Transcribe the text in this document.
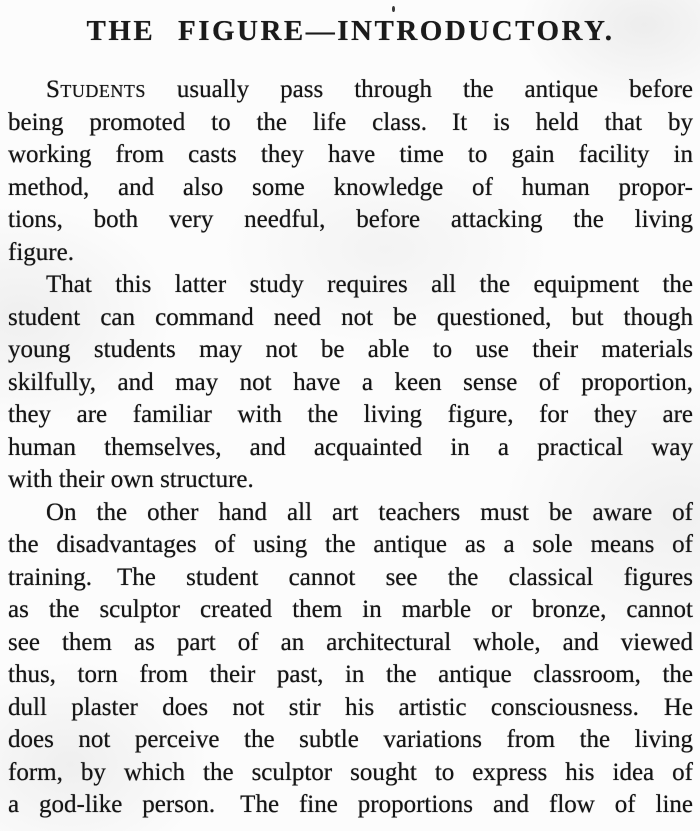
THE FIGURE—INTRODUCTORY.
Students usually pass through the antique before
being promoted to the life class. It is held that by
working from casts they have time to gain facility in
method, and also some knowledge of human propor-
tions, both very needful, before attacking the living
figure.
That this latter study requires all the equipment the
student can command need not be questioned, but though
young students may not be able to use their materials
skilfully, and may not have a keen sense of proportion,
they are familiar with the living figure, for they are
human themselves, and acquainted in a practical way
with their own structure.
On the other hand all art teachers must be aware of
the disadvantages of using the antique as a sole means of
training. The student cannot see the classical figures
as the sculptor created them in marble or bronze, cannot
see them as part of an architectural whole, and viewed
thus, torn from their past, in the antique classroom, the
dull plaster does not stir his artistic consciousness. He
does not perceive the subtle variations from the living
form, by which the sculptor sought to express his idea of
a god-like person. The fine proportions and flow of line
